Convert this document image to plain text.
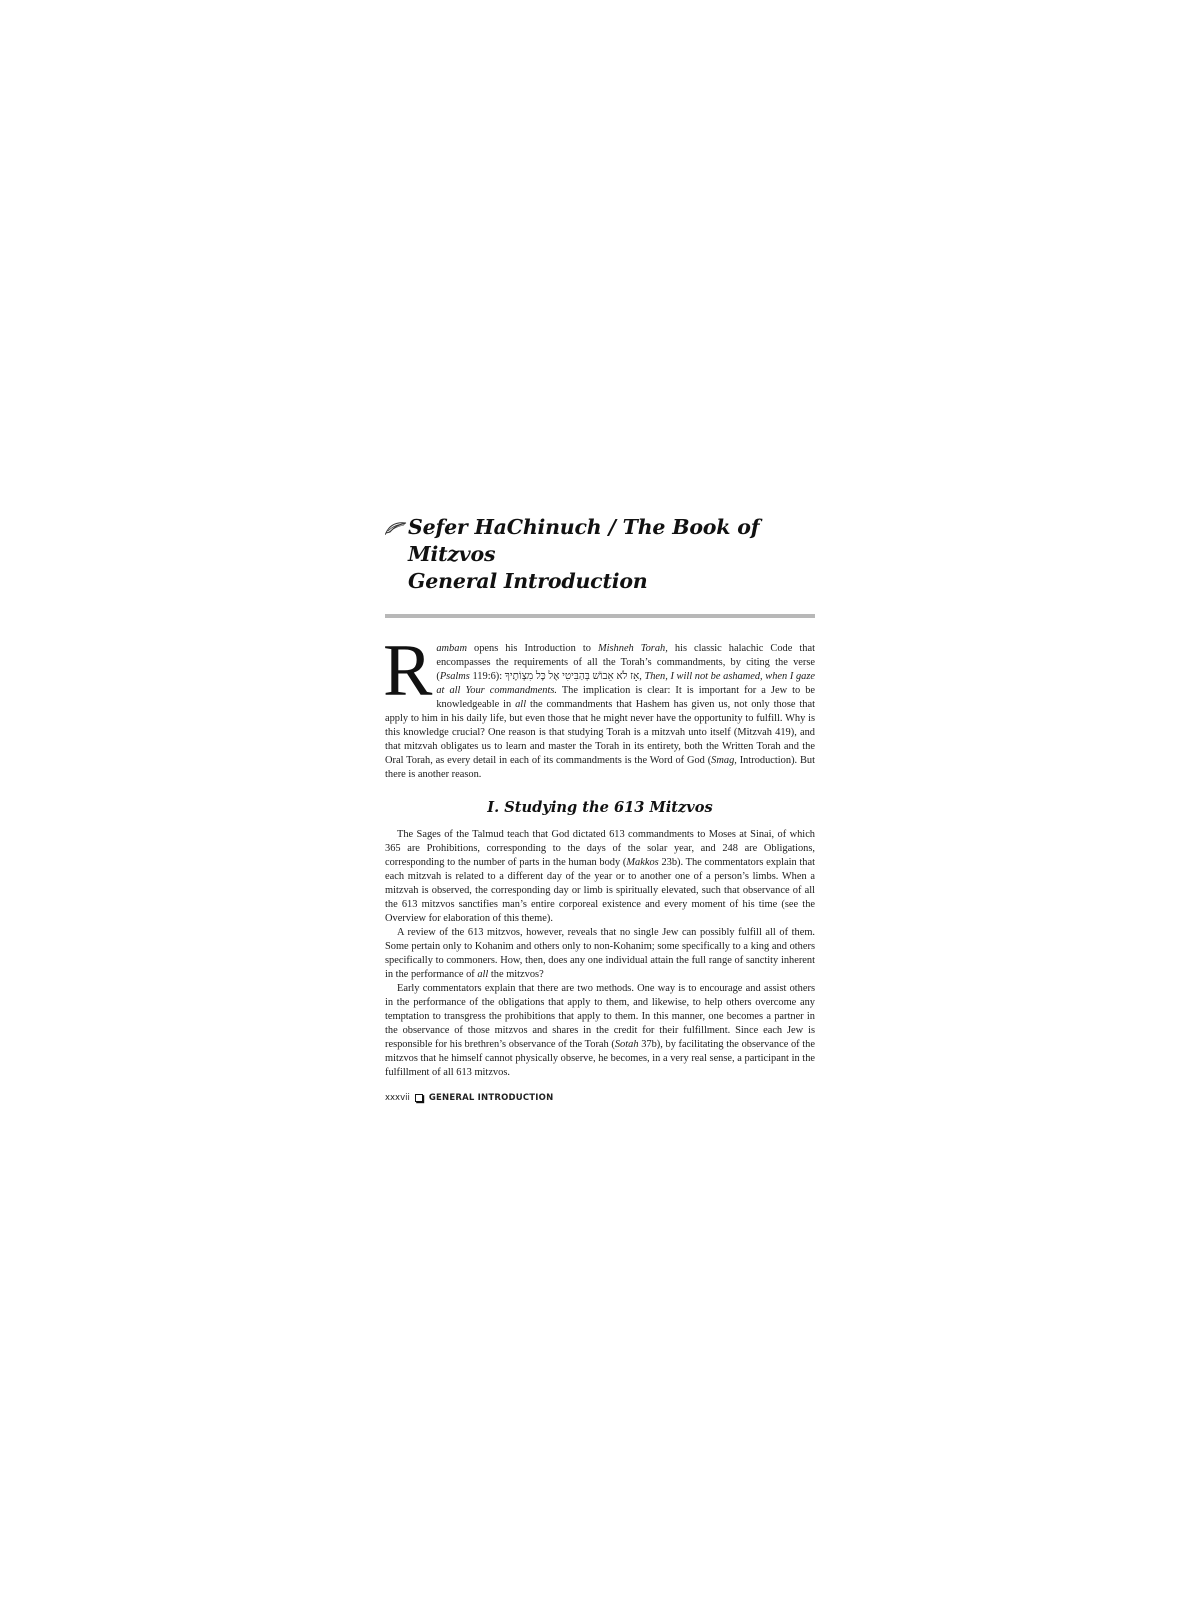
Sefer HaChinuch / The Book of Mitzvos
General Introduction

Rambam opens his Introduction to Mishneh Torah, his classic halachic Code that encompasses the requirements of all the Torah’s commandments, by citing the verse (Psalms 119:6): אָז לֹא אֵבוֹשׁ בְּהַבִּיטִי אֶל כָּל מִצְוֹתֶיךָ, Then, I will not be ashamed, when I gaze at all Your commandments. The implication is clear: It is important for a Jew to be knowledgeable in all the commandments that Hashem has given us, not only those that apply to him in his daily life, but even those that he might never have the opportunity to fulfill. Why is this knowledge crucial? One reason is that studying Torah is a mitzvah unto itself (Mitzvah 419), and that mitzvah obligates us to learn and master the Torah in its entirety, both the Written Torah and the Oral Torah, as every detail in each of its commandments is the Word of God (Smag, Introduction). But there is another reason.

I. Studying the 613 Mitzvos

The Sages of the Talmud teach that God dictated 613 commandments to Moses at Sinai, of which 365 are Prohibitions, corresponding to the days of the solar year, and 248 are Obligations, corresponding to the number of parts in the human body (Makkos 23b). The commentators explain that each mitzvah is related to a different day of the year or to another one of a person’s limbs. When a mitzvah is observed, the corresponding day or limb is spiritually elevated, such that observance of all the 613 mitzvos sanctifies man’s entire corporeal existence and every moment of his time (see the Overview for elaboration of this theme).

A review of the 613 mitzvos, however, reveals that no single Jew can possibly fulfill all of them. Some pertain only to Kohanim and others only to non-Kohanim; some specifically to a king and others specifically to commoners. How, then, does any one individual attain the full range of sanctity inherent in the performance of all the mitzvos?

Early commentators explain that there are two methods. One way is to encourage and assist others in the performance of the obligations that apply to them, and likewise, to help others overcome any temptation to transgress the prohibitions that apply to them. In this manner, one becomes a partner in the observance of those mitzvos and shares in the credit for their fulfillment. Since each Jew is responsible for his brethren’s observance of the Torah (Sotah 37b), by facilitating the observance of the mitzvos that he himself cannot physically observe, he becomes, in a very real sense, a participant in the fulfillment of all 613 mitzvos.

xxxvii GENERAL INTRODUCTION
